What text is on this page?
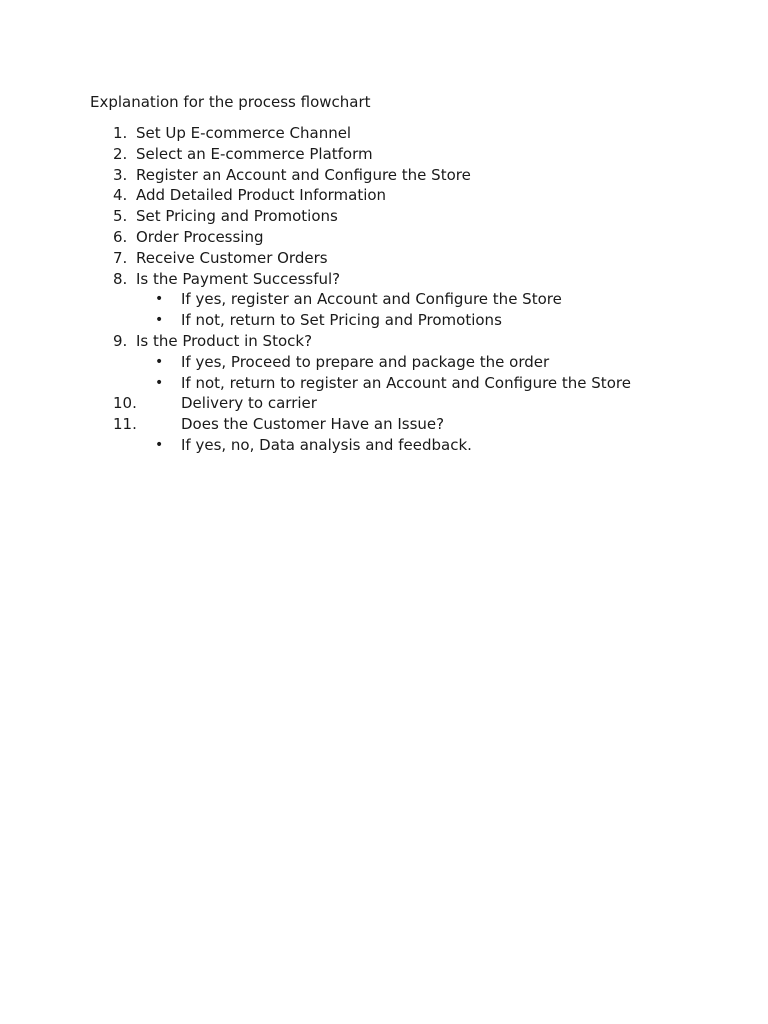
Explanation for the process flowchart
1. Set Up E-commerce Channel
2. Select an E-commerce Platform
3. Register an Account and Configure the Store
4. Add Detailed Product Information
5. Set Pricing and Promotions
6. Order Processing
7. Receive Customer Orders
8. Is the Payment Successful?
• If yes, register an Account and Configure the Store
• If not, return to Set Pricing and Promotions
9. Is the Product in Stock?
• If yes, Proceed to prepare and package the order
• If not, return to register an Account and Configure the Store
10.	Delivery to carrier
11.	Does the Customer Have an Issue?
• If yes, no, Data analysis and feedback.
